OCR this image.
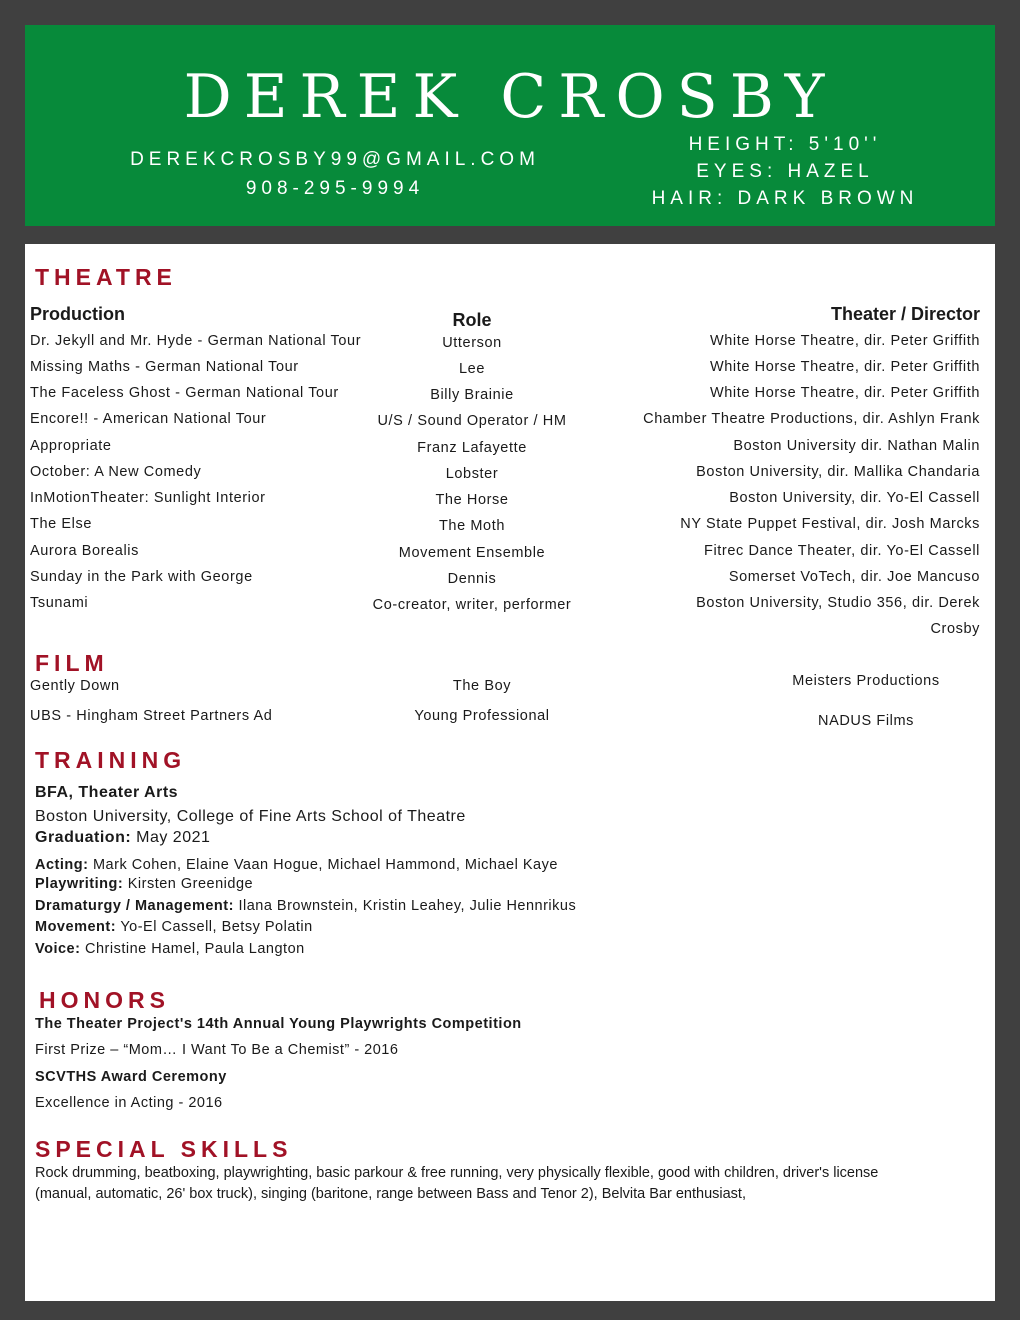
DEREK CROSBY
DEREKCROSBY99@GMAIL.COM
908-295-9994
HEIGHT: 5'10''
EYES: HAZEL
HAIR: DARK BROWN
THEATRE
Production	Role	Theater / Director
Dr. Jekyll and Mr. Hyde - German National Tour	Utterson	White Horse Theatre, dir. Peter Griffith
Missing Maths - German National Tour	Lee	White Horse Theatre, dir. Peter Griffith
The Faceless Ghost - German National Tour	Billy Brainie	White Horse Theatre, dir. Peter Griffith
Encore!! - American National Tour	U/S / Sound Operator / HM	Chamber Theatre Productions, dir. Ashlyn Frank
Appropriate	Franz Lafayette	Boston University dir. Nathan Malin
October: A New Comedy	Lobster	Boston University, dir. Mallika Chandaria
InMotionTheater: Sunlight Interior	The Horse	Boston University, dir. Yo-El Cassell
The Else	The Moth	NY State Puppet Festival, dir. Josh Marcks
Aurora Borealis	Movement Ensemble	Fitrec Dance Theater, dir. Yo-El Cassell
Sunday in the Park with George	Dennis	Somerset VoTech, dir. Joe Mancuso
Tsunami	Co-creator, writer, performer	Boston University, Studio 356, dir. Derek
Crosby
FILM
Gently Down	The Boy	Meisters Productions
UBS - Hingham Street Partners Ad	Young Professional	NADUS Films
TRAINING
BFA, Theater Arts
Boston University, College of Fine Arts School of Theatre
Graduation: May 2021
Acting: Mark Cohen, Elaine Vaan Hogue, Michael Hammond, Michael Kaye
Playwriting: Kirsten Greenidge
Dramaturgy / Management: Ilana Brownstein, Kristin Leahey, Julie Hennrikus
Movement: Yo-El Cassell, Betsy Polatin
Voice: Christine Hamel, Paula Langton
HONORS
The Theater Project's 14th Annual Young Playwrights Competition
First Prize – “Mom… I Want To Be a Chemist” - 2016
SCVTHS Award Ceremony
Excellence in Acting - 2016
SPECIAL SKILLS
Rock drumming, beatboxing, playwrighting, basic parkour & free running, very physically flexible, good with children, driver's license (manual, automatic, 26' box truck), singing (baritone, range between Bass and Tenor 2), Belvita Bar enthusiast,
